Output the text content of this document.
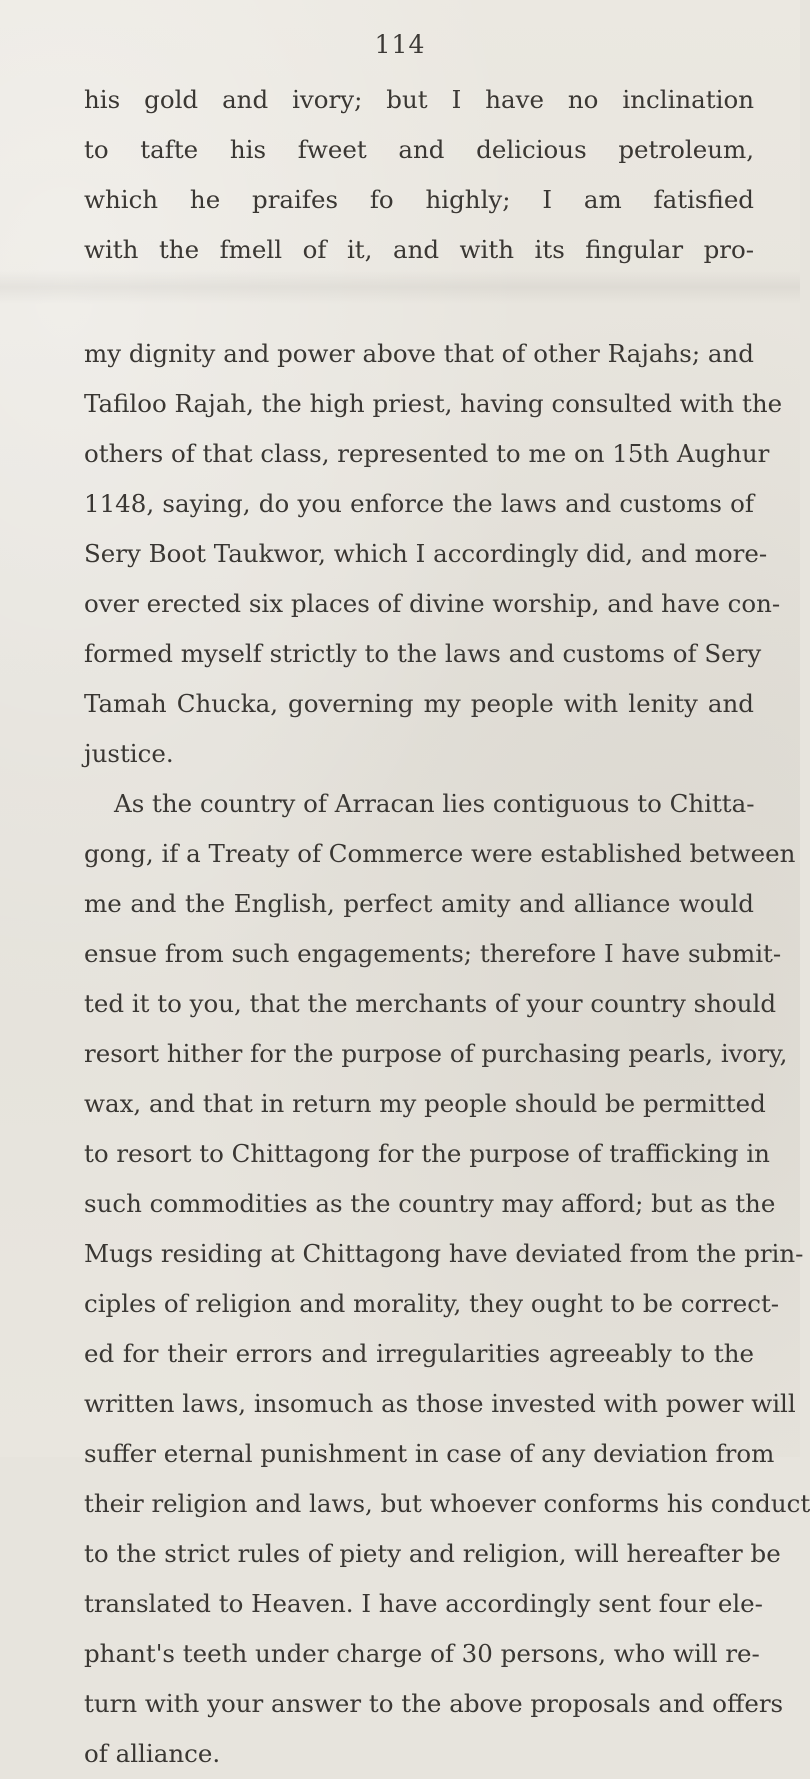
114
his gold and ivory; but I have no inclination
to tafte his fweet and delicious petroleum,
which he praifes fo highly; I am fatisfied
with the fmell of it, and with its fingular pro-
my dignity and power above that of other Rajahs; and
Tafiloo Rajah, the high priest, having consulted with the
others of that class, represented to me on 15th Aughur
1148, saying, do you enforce the laws and customs of
Sery Boot Taukwor, which I accordingly did, and more-
over erected six places of divine worship, and have con-
formed myself strictly to the laws and customs of Sery
Tamah Chucka, governing my people with lenity and
justice.
As the country of Arracan lies contiguous to Chitta-
gong, if a Treaty of Commerce were established between
me and the English, perfect amity and alliance would
ensue from such engagements; therefore I have submit-
ted it to you, that the merchants of your country should
resort hither for the purpose of purchasing pearls, ivory,
wax, and that in return my people should be permitted
to resort to Chittagong for the purpose of trafficking in
such commodities as the country may afford; but as the
Mugs residing at Chittagong have deviated from the prin-
ciples of religion and morality, they ought to be correct-
ed for their errors and irregularities agreeably to the
written laws, insomuch as those invested with power will
suffer eternal punishment in case of any deviation from
their religion and laws, but whoever conforms his conduct
to the strict rules of piety and religion, will hereafter be
translated to Heaven. I have accordingly sent four ele-
phant's teeth under charge of 30 persons, who will re-
turn with your answer to the above proposals and offers
of alliance.
